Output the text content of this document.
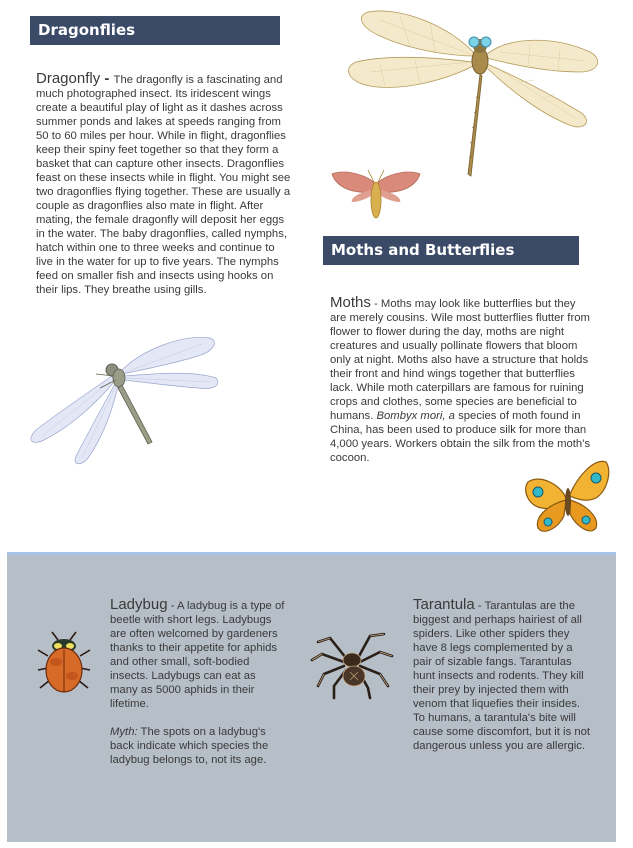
Dragonflies
Moths and Butterflies
Dragonfly - The dragonfly is a fascinating and much photographed insect. Its iridescent wings create a beautiful play of light as it dashes across summer ponds and lakes at speeds ranging from 50 to 60 miles per hour. While in flight, dragonflies keep their spiny feet together so that they form a basket that can capture other insects. Dragonflies feast on these insects while in flight. You might see two dragonflies flying together. These are usually a couple as dragonflies also mate in flight. After mating, the female dragonfly will deposit her eggs in the water. The baby dragonflies, called nymphs, hatch within one to three weeks and continue to live in the water for up to five years. The nymphs feed on smaller fish and insects using hooks on their lips. They breathe using gills.
Moths - Moths may look like butterflies but they are merely cousins. Wile most butterflies flutter from flower to flower during the day, moths are night creatures and usually pollinate flowers that bloom only at night. Moths also have a structure that holds their front and hind wings together that butterflies lack. While moth caterpillars are famous for ruining crops and clothes, some species are beneficial to humans. Bombyx mori, a species of moth found in China, has been used to produce silk for more than 4,000 years. Workers obtain the silk from the moth's cocoon.
Ladybug - A ladybug is a type of beetle with short legs. Ladybugs are often welcomed by gardeners thanks to their appetite for aphids and other small, soft-bodied insects. Ladybugs can eat as many as 5000 aphids in their lifetime.
Myth: The spots on a ladybug's back indicate which species the ladybug belongs to, not its age.
Tarantula - Tarantulas are the biggest and perhaps hairiest of all spiders. Like other spiders they have 8 legs complemented by a pair of sizable fangs. Tarantulas hunt insects and rodents. They kill their prey by injected them with venom that liquefies their insides. To humans, a tarantula's bite will cause some discomfort, but it is not dangerous unless you are allergic.
